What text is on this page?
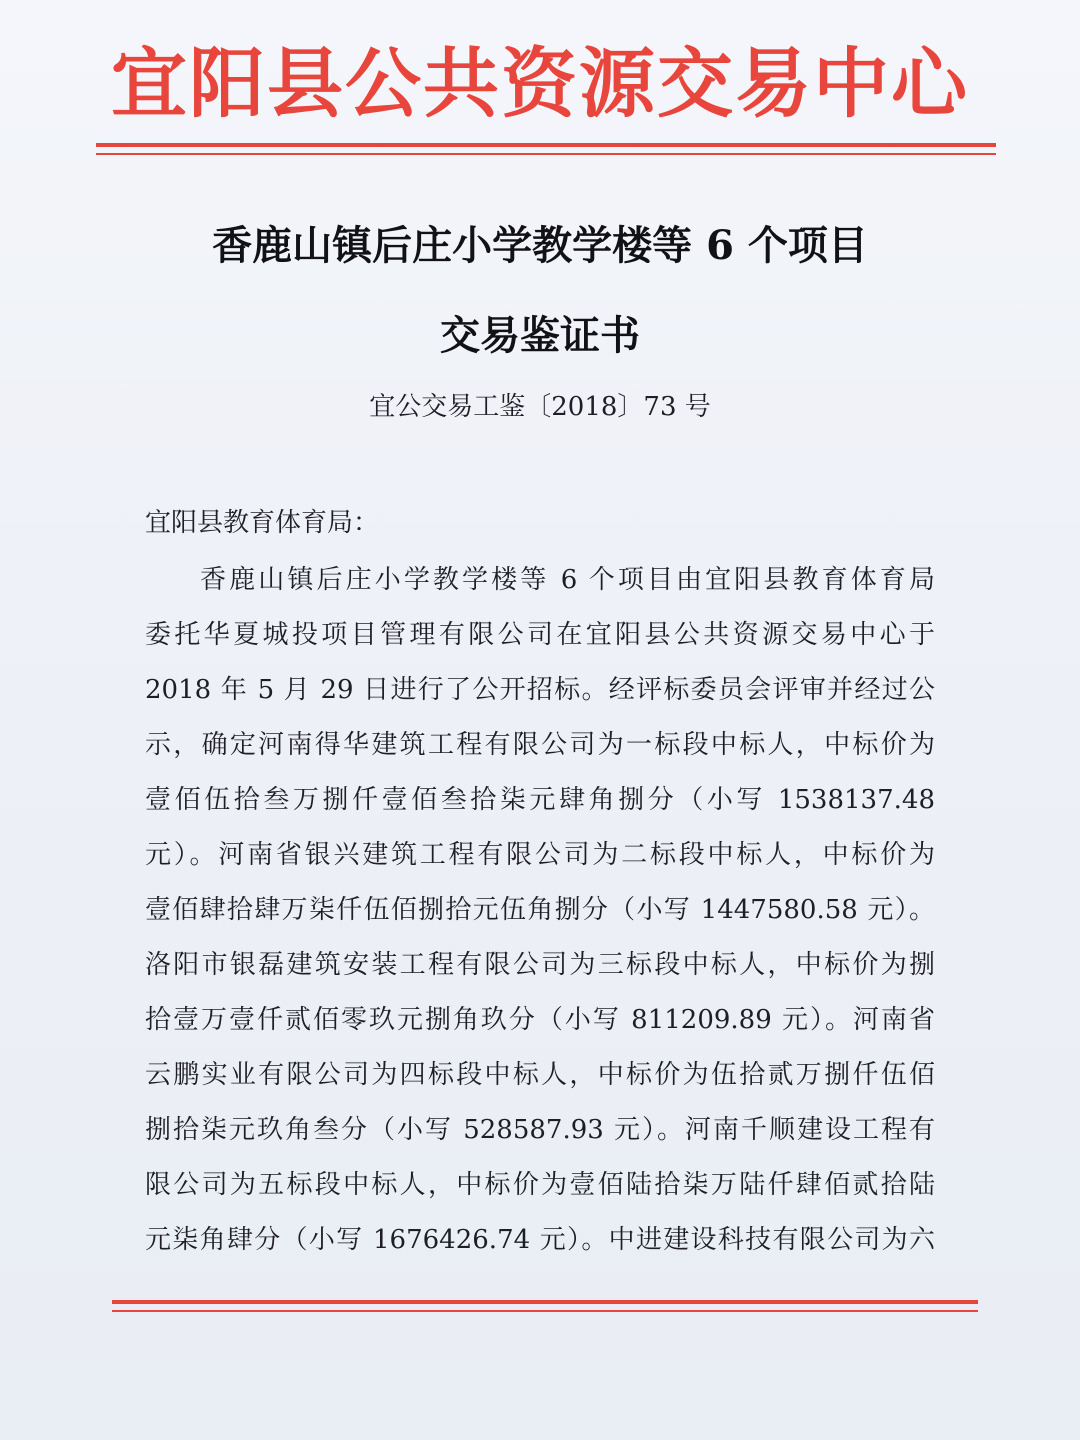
宜阳县公共资源交易中心
香鹿山镇后庄小学教学楼等 6 个项目
交易鉴证书
宜公交易工鉴〔2018〕73 号
宜阳县教育体育局：
香鹿山镇后庄小学教学楼等 6 个项目由宜阳县教育体育局
委托华夏城投项目管理有限公司在宜阳县公共资源交易中心于
2018 年 5 月 29 日进行了公开招标。经评标委员会评审并经过公
示，确定河南得华建筑工程有限公司为一标段中标人，中标价为
壹佰伍拾叁万捌仟壹佰叁拾柒元肆角捌分（小写 1538137.48
元）。河南省银兴建筑工程有限公司为二标段中标人，中标价为
壹佰肆拾肆万柒仟伍佰捌拾元伍角捌分（小写 1447580.58 元）。
洛阳市银磊建筑安装工程有限公司为三标段中标人，中标价为捌
拾壹万壹仟贰佰零玖元捌角玖分（小写 811209.89 元）。河南省
云鹏实业有限公司为四标段中标人，中标价为伍拾贰万捌仟伍佰
捌拾柒元玖角叁分（小写 528587.93 元）。河南千顺建设工程有
限公司为五标段中标人，中标价为壹佰陆拾柒万陆仟肆佰贰拾陆
元柒角肆分（小写 1676426.74 元）。中进建设科技有限公司为六
